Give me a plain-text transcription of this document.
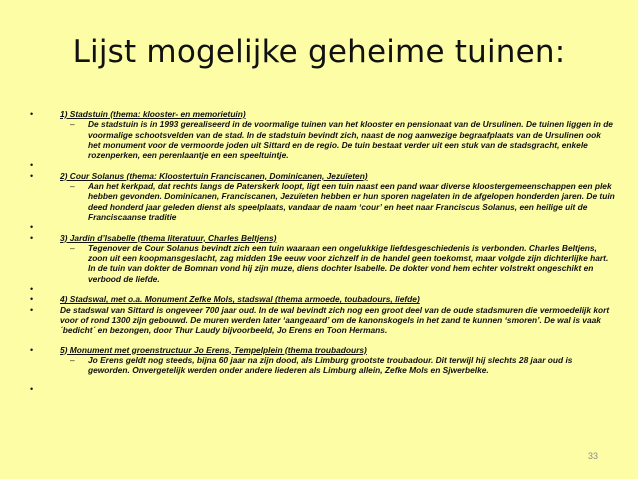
Lijst mogelijke geheime tuinen:
•	1) Stadstuin (thema: klooster- en memorietuin)
– De stadstuin is in 1993 gerealiseerd in de voormalige tuinen van het klooster en pensionaat van de Ursulinen. De tuinen liggen in de voormalige schootsvelden van de stad. In de stadstuin bevindt zich, naast de nog aanwezige begraafplaats van de Ursulinen ook het monument voor de vermoorde joden uit Sittard en de regio. De tuin bestaat verder uit een stuk van de stadsgracht, enkele rozenperken, een perenlaantje en een speeltuintje.
•
•	2) Cour Solanus (thema: Kloostertuin Franciscanen, Dominicanen, Jezuïeten)
– Aan het kerkpad, dat rechts langs de Paterskerk loopt, ligt een tuin naast een pand waar diverse kloostergemeenschappen een plek hebben gevonden. Dominicanen, Franciscanen, Jezuïeten hebben er hun sporen nagelaten in de afgelopen honderden jaren. De tuin deed honderd jaar geleden dienst als speelplaats, vandaar de naam ‘cour’ en heet naar Franciscus Solanus, een heilige uit de Franciscaanse traditie
•
•	3) Jardin d’Isabelle (thema literatuur, Charles Beltjens)
– Tegenover de Cour Solanus bevindt zich een tuin waaraan een ongelukkige liefdesgeschiedenis is verbonden. Charles Beltjens, zoon uit een koopmansgeslacht, zag midden 19e eeuw voor zichzelf in de handel geen toekomst, maar volgde zijn dichterlijke hart. In de tuin van dokter de Bomnan vond hij zijn muze, diens dochter Isabelle. De dokter vond hem echter volstrekt ongeschikt en verbood de liefde.
•
•	4) Stadswal, met o.a. Monument Zefke Mols, stadswal (thema armoede, toubadours, liefde)
•	De stadswal van Sittard is ongeveer 700 jaar oud. In de wal bevindt zich nog een groot deel van de oude stadsmuren die vermoedelijk kort voor of rond 1300 zijn gebouwd. De muren werden later ‘aangeaard’ om de kanonskogels in het zand te kunnen ‘smoren’. De wal is vaak ´bedicht´ en bezongen, door Thur Laudy bijvoorbeeld, Jo Erens en Toon Hermans.
•	5) Monument met groenstructuur Jo Erens, Tempelplein (thema troubadours)
– Jo Erens geldt nog steeds, bijna 60 jaar na zijn dood, als Limburg grootste troubadour. Dit terwijl hij slechts 28 jaar oud is geworden. Onvergetelijk werden onder andere liederen als Limburg allein, Zefke Mols en Sjwerbelke.
•
33
